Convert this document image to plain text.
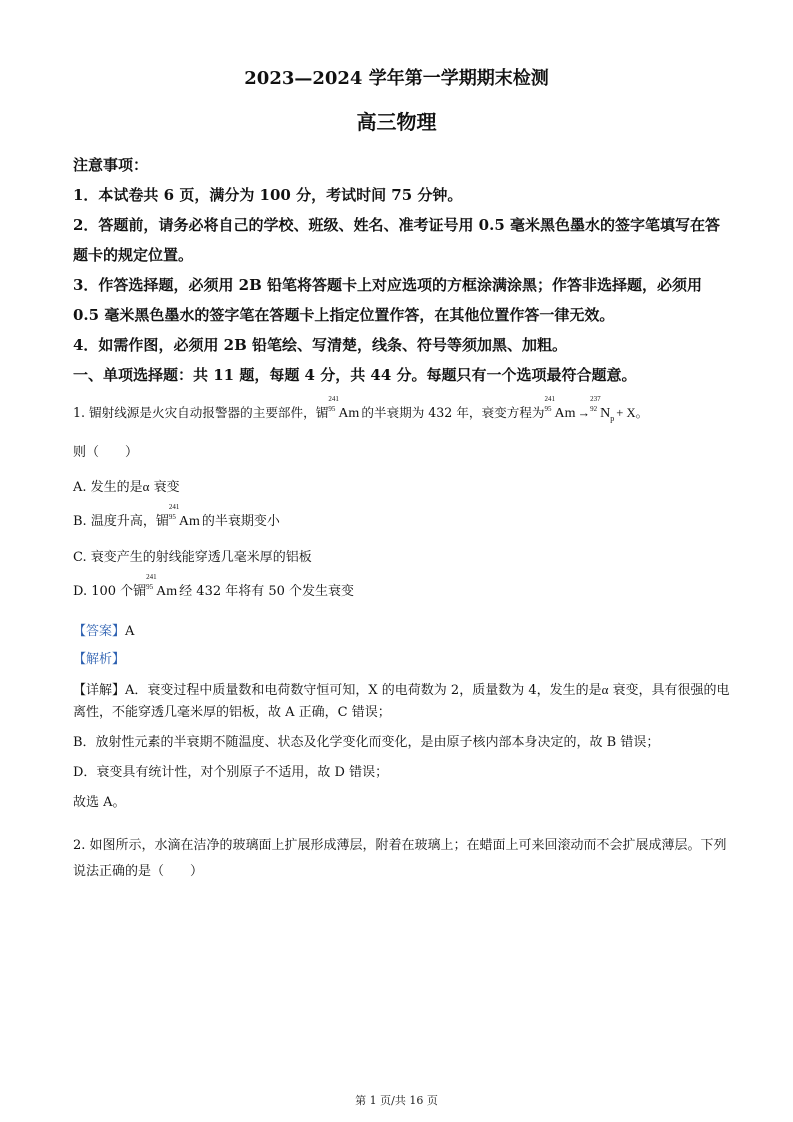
2023—2024 学年第一学期期末检测
高三物理

注意事项：

1．本试卷共 6 页，满分为 100 分，考试时间 75 分钟。

2．答题前，请务必将自己的学校、班级、姓名、准考证号用 0.5 毫米黑色墨水的签字笔填写在答题卡的规定位置。

3．作答选择题，必须用 2B 铅笔将答题卡上对应选项的方框涂满涂黑；作答非选择题，必须用 0.5 毫米黑色墨水的签字笔在答题卡上指定位置作答，在其他位置作答一律无效。

4．如需作图，必须用 2B 铅笔绘、写清楚，线条、符号等须加黑、加粗。

一、单项选择题：共 11 题，每题 4 分，共 44 分。每题只有一个选项最符合题意。

1. 镅射线源是火灾自动报警器的主要部件，镅
241
95 Am 的半衰期为 432 年，衰变方程为
241
95 Am →
237
92 $N_p + X$。

则（　　）

A. 发生的是α 衰变

B. 温度升高，镅
241
95 Am 的半衰期变小

C. 衰变产生的射线能穿透几毫米厚的铝板

D. 100 个镅
241
95 Am 经 432 年将有 50 个发生衰变

【答案】A

【解析】

【详解】A．衰变过程中质量数和电荷数守恒可知，X 的电荷数为 2，质量数为 4，发生的是α 衰变，具有很强的电离性，不能穿透几毫米厚的铝板，故 A 正确，C 错误；

B．放射性元素的半衰期不随温度、状态及化学变化而变化，是由原子核内部本身决定的，故 B 错误；

D．衰变具有统计性，对个别原子不适用，故 D 错误；

故选 A。

2. 如图所示，水滴在洁净的玻璃面上扩展形成薄层，附着在玻璃上；在蜡面上可来回滚动而不会扩展成薄层。下列说法正确的是（　　）

第 1 页/共 16 页
